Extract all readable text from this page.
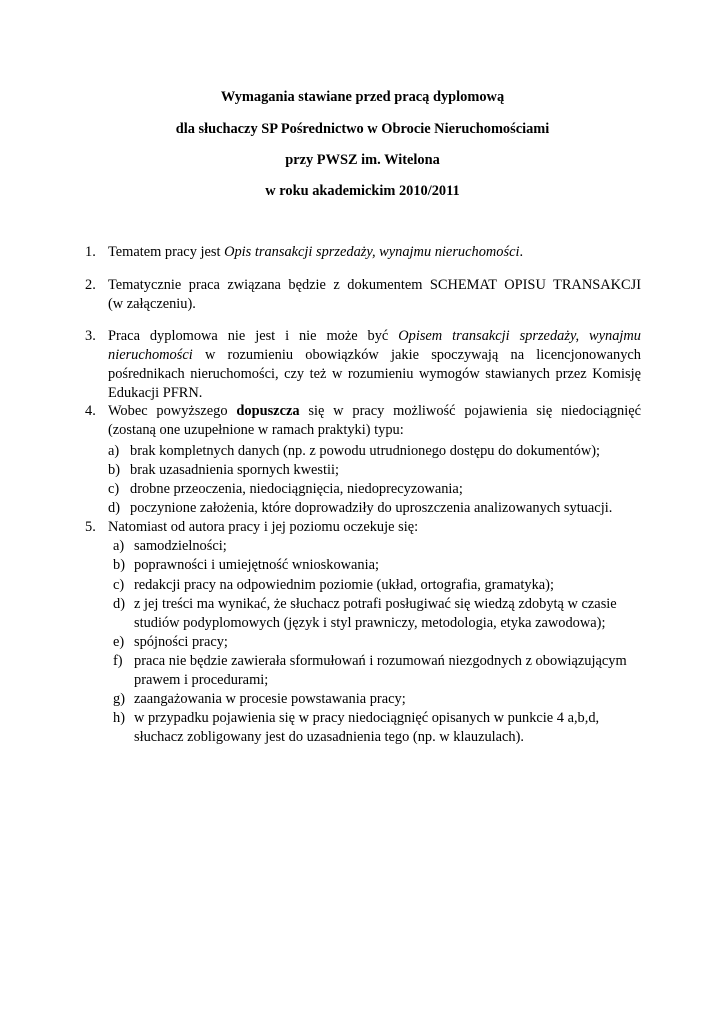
Wymagania stawiane przed pracą dyplomową
dla słuchaczy SP Pośrednictwo w Obrocie Nieruchomościami
przy PWSZ im. Witelona
w roku akademickim 2010/2011
1. Tematem pracy jest Opis transakcji sprzedaży, wynajmu nieruchomości.
2. Tematycznie praca związana będzie z dokumentem SCHEMAT OPISU TRANSAKCJI
(w załączeniu).
3. Praca dyplomowa nie jest i nie może być Opisem transakcji sprzedaży, wynajmu nieruchomości w rozumieniu obowiązków jakie spoczywają na licencjonowanych pośrednikach nieruchomości, czy też w rozumieniu wymogów stawianych przez Komisję Edukacji PFRN.
4. Wobec powyższego dopuszcza się w pracy możliwość pojawienia się niedociągnięć (zostaną one uzupełnione w ramach praktyki) typu:
a) brak kompletnych danych (np. z powodu utrudnionego dostępu do dokumentów);
b) brak uzasadnienia spornych kwestii;
c) drobne przeoczenia, niedociągnięcia, niedoprecyzowania;
d) poczynione założenia, które doprowadziły do uproszczenia analizowanych sytuacji.
5. Natomiast od autora pracy i jej poziomu oczekuje się:
a) samodzielności;
b) poprawności i umiejętność wnioskowania;
c) redakcji pracy na odpowiednim poziomie (układ, ortografia, gramatyka);
d) z jej treści ma wynikać, że słuchacz potrafi posługiwać się wiedzą zdobytą w czasie
studiów podyplomowych (język i styl prawniczy, metodologia, etyka zawodowa);
e) spójności pracy;
f) praca nie będzie zawierała sformułowań i rozumowań niezgodnych z obowiązującym
prawem i procedurami;
g) zaangażowania w procesie powstawania pracy;
h) w przypadku pojawienia się w pracy niedociągnięć opisanych w punkcie 4 a,b,d,
słuchacz zobligowany jest do uzasadnienia tego (np. w klauzulach).
